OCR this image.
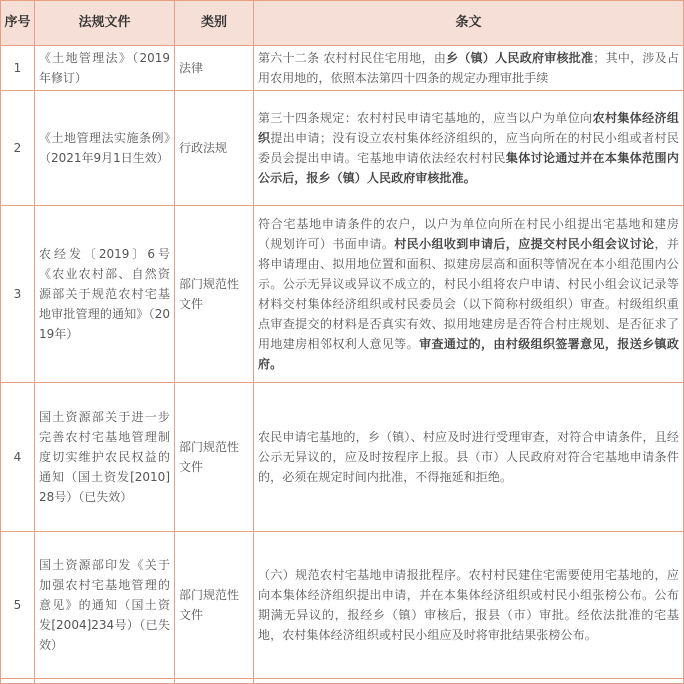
序号	法规文件	类别	条文
1	《土地管理法》（2019年修订）	法律	第六十二条 农村村民住宅用地，由乡（镇）人民政府审核批准；其中，涉及占用农用地的，依照本法第四十四条的规定办理审批手续
2	《土地管理法实施条例》（2021年9月1日生效）	行政法规	第三十四条规定：农村村民申请宅基地的，应当以户为单位向农村集体经济组织提出申请；没有设立农村集体经济组织的，应当向所在的村民小组或者村民委员会提出申请。宅基地申请依法经农村村民集体讨论通过并在本集体范围内公示后，报乡（镇）人民政府审核批准。
3	农经发〔2019〕6号《农业农村部、自然资源部关于规范农村宅基地审批管理的通知》（2019年）	部门规范性文件	符合宅基地申请条件的农户，以户为单位向所在村民小组提出宅基地和建房（规划许可）书面申请。村民小组收到申请后，应提交村民小组会议讨论，并将申请理由、拟用地位置和面积、拟建房层高和面积等情况在本小组范围内公示。公示无异议或异议不成立的，村民小组将农户申请、村民小组会议记录等材料交村集体经济组织或村民委员会（以下简称村级组织）审查。村级组织重点审查提交的材料是否真实有效、拟用地建房是否符合村庄规划、是否征求了用地建房相邻权利人意见等。审查通过的，由村级组织签署意见，报送乡镇政府。
4	国土资源部关于进一步完善农村宅基地管理制度切实维护农民权益的通知（国土资发[2010]28号）（已失效）	部门规范性文件	农民申请宅基地的，乡（镇）、村应及时进行受理审查，对符合申请条件，且经公示无异议的，应及时按程序上报。县（市）人民政府对符合宅基地申请条件的，必须在规定时间内批准，不得拖延和拒绝。
5	国土资源部印发《关于加强农村宅基地管理的意见》的通知（国土资发[2004]234号）（已失效）	部门规范性文件	（六）规范农村宅基地申请报批程序。农村村民建住宅需要使用宅基地的，应向本集体经济组织提出申请，并在本集体经济组织或村民小组张榜公布。公布期满无异议的，报经乡（镇）审核后，报县（市）审批。经依法批准的宅基地，农村集体经济组织或村民小组应及时将审批结果张榜公布。
